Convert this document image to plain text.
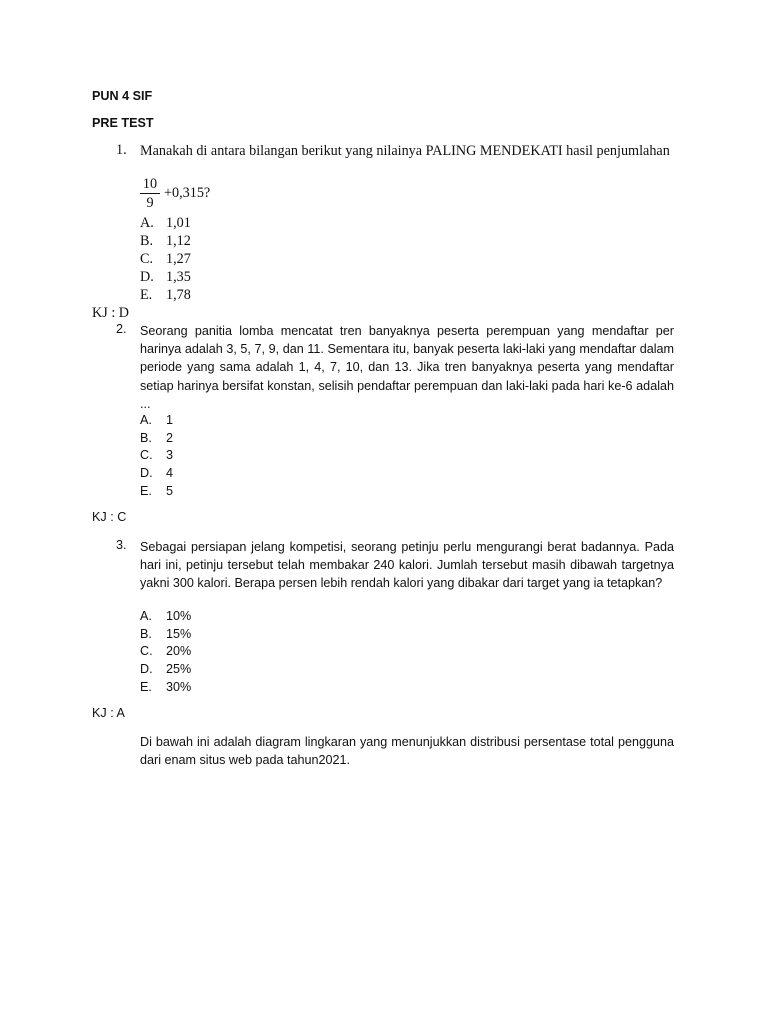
PUN 4 SIF
PRE TEST
1. Manakah di antara bilangan berikut yang nilainya PALING MENDEKATI hasil penjumlahan
10
9
+0,315?
A. 1,01
B. 1,12
C. 1,27
D. 1,35
E. 1,78
KJ : D
2. Seorang panitia lomba mencatat tren banyaknya peserta perempuan yang mendaftar per harinya adalah 3, 5, 7, 9, dan 11. Sementara itu, banyak peserta laki-laki yang mendaftar dalam periode yang sama adalah 1, 4, 7, 10, dan 13. Jika tren banyaknya peserta yang mendaftar setiap harinya bersifat konstan, selisih pendaftar perempuan dan laki-laki pada hari ke-6 adalah ...
A. 1
B. 2
C. 3
D. 4
E. 5
KJ : C
3. Sebagai persiapan jelang kompetisi, seorang petinju perlu mengurangi berat badannya. Pada hari ini, petinju tersebut telah membakar 240 kalori. Jumlah tersebut masih dibawah targetnya yakni 300 kalori. Berapa persen lebih rendah kalori yang dibakar dari target yang ia tetapkan?
A. 10%
B. 15%
C. 20%
D. 25%
E. 30%
KJ : A
Di bawah ini adalah diagram lingkaran yang menunjukkan distribusi persentase total pengguna dari enam situs web pada tahun2021.
